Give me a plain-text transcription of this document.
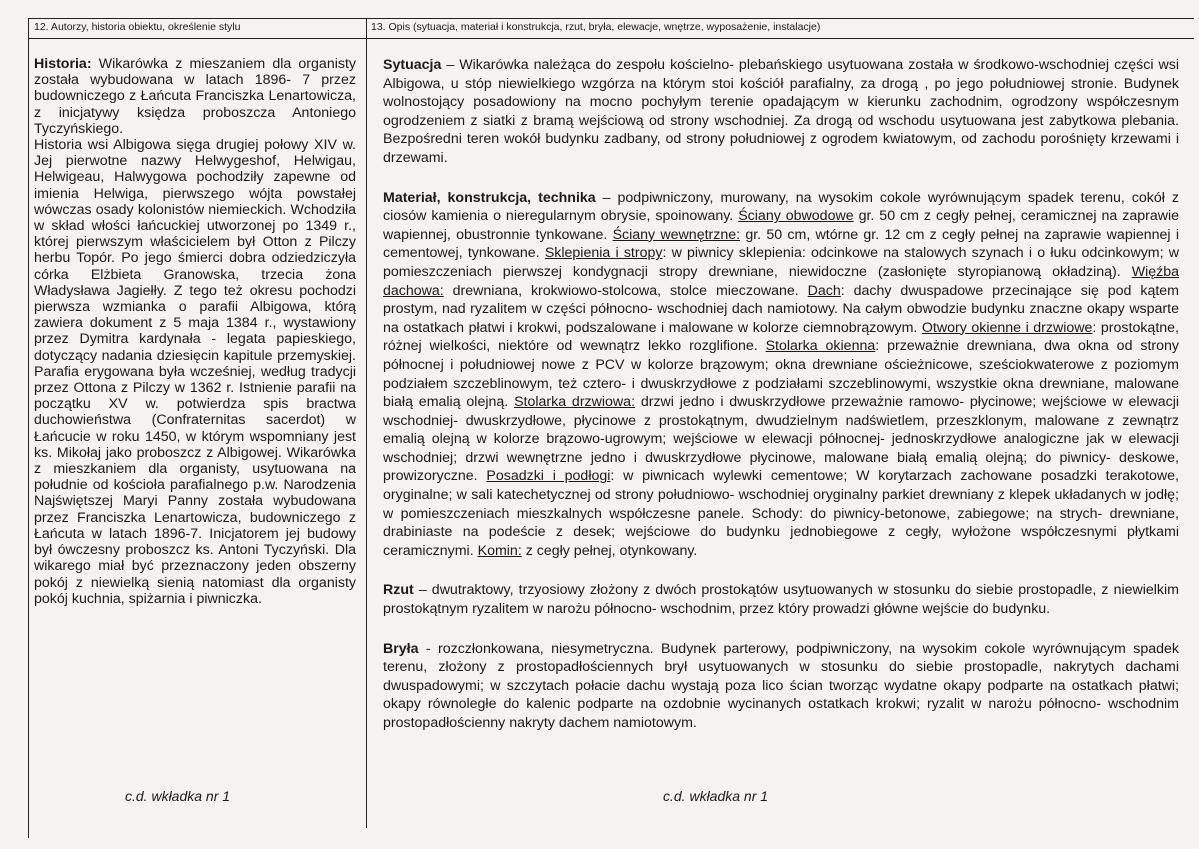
12. Autorzy, historia obiektu, określenie stylu	13. Opis (sytuacja, materiał i konstrukcja, rzut, bryła, elewacje, wnętrze, wyposażenie, instalacje)

Historia: Wikarówka z mieszaniem dla organisty została wybudowana w latach 1896- 7 przez budowniczego z Łańcuta Franciszka Lenartowicza, z inicjatywy księdza proboszcza Antoniego Tyczyńskiego.

Historia wsi Albigowa sięga drugiej połowy XIV w. Jej pierwotne nazwy Helwygeshof, Helwigau, Helwigeau, Halwygowa pochodziły zapewne od imienia Helwiga, pierwszego wójta powstałej wówczas osady kolonistów niemieckich. Wchodziła w skład włości łańcuckiej utworzonej po 1349 r., której pierwszym właścicielem był Otton z Pilczy herbu Topór. Po jego śmierci dobra odziedziczyła córka Elżbieta Granowska, trzecia żona Władysława Jagiełły. Z tego też okresu pochodzi pierwsza wzmianka o parafii Albigowa, którą zawiera dokument z 5 maja 1384 r., wystawiony przez Dymitra kardynała - legata papieskiego, dotyczący nadania dziesięcin kapitule przemyskiej. Parafia erygowana była wcześniej, według tradycji przez Ottona z Pilczy w 1362 r. Istnienie parafii na początku XV w. potwierdza spis bractwa duchowieństwa (Confraternitas sacerdot) w Łańcucie w roku 1450, w którym wspomniany jest ks. Mikołaj jako proboszcz z Albigowej. Wikarówka z mieszkaniem dla organisty, usytuowana na południe od kościoła parafialnego p.w. Narodzenia Najświętszej Maryi Panny została wybudowana przez Franciszka Lenartowicza, budowniczego z Łańcuta w latach 1896-7. Inicjatorem jej budowy był ówczesny proboszcz ks. Antoni Tyczyński. Dla wikarego miał być przeznaczony jeden obszerny pokój z niewielką sienią natomiast dla organisty pokój kuchnia, spiżarnia i piwniczka.

c.d. wkładka nr 1

Sytuacja – Wikarówka należąca do zespołu kościelno- plebańskiego usytuowana została w środkowo-wschodniej części wsi Albigowa, u stóp niewielkiego wzgórza na którym stoi kościół parafialny, za drogą , po jego południowej stronie. Budynek wolnostojący posadowiony na mocno pochyłym terenie opadającym w kierunku zachodnim, ogrodzony współczesnym ogrodzeniem z siatki z bramą wejściową od strony wschodniej. Za drogą od wschodu usytuowana jest zabytkowa plebania. Bezpośredni teren wokół budynku zadbany, od strony południowej z ogrodem kwiatowym, od zachodu porośnięty krzewami i drzewami.

Materiał, konstrukcja, technika – podpiwniczony, murowany, na wysokim cokole wyrównującym spadek terenu, cokół z ciosów kamienia o nieregularnym obrysie, spoinowany. Ściany obwodowe gr. 50 cm z cegły pełnej, ceramicznej na zaprawie wapiennej, obustronnie tynkowane. Ściany wewnętrzne: gr. 50 cm, wtórne gr. 12 cm z cegły pełnej na zaprawie wapiennej i cementowej, tynkowane. Sklepienia i stropy: w piwnicy sklepienia: odcinkowe na stalowych szynach i o łuku odcinkowym; w pomieszczeniach pierwszej kondygnacji stropy drewniane, niewidoczne (zasłonięte styropianową okładziną). Więźba dachowa: drewniana, krokwiowo-stolcowa, stolce mieczowane. Dach: dachy dwuspadowe przecinające się pod kątem prostym, nad ryzalitem w części północno- wschodniej dach namiotowy. Na całym obwodzie budynku znaczne okapy wsparte na ostatkach płatwi i krokwi, podszalowane i malowane w kolorze ciemnobrązowym. Otwory okienne i drzwiowe: prostokątne, różnej wielkości, niektóre od wewnątrz lekko rozglifione. Stolarka okienna: przeważnie drewniana, dwa okna od strony północnej i południowej nowe z PCV w kolorze brązowym; okna drewniane ościeżnicowe, sześciokwaterowe z poziomym podziałem szczeblinowym, też cztero- i dwuskrzydłowe z podziałami szczeblinowymi, wszystkie okna drewniane, malowane białą emalią olejną. Stolarka drzwiowa: drzwi jedno i dwuskrzydłowe przeważnie ramowo- płycinowe; wejściowe w elewacji wschodniej- dwuskrzydłowe, płycinowe z prostokątnym, dwudzielnym nadświetlem, przeszklonym, malowane z zewnątrz emalią olejną w kolorze brązowo-ugrowym; wejściowe w elewacji północnej- jednoskrzydłowe analogiczne jak w elewacji wschodniej; drzwi wewnętrzne jedno i dwuskrzydłowe płycinowe, malowane białą emalią olejną; do piwnicy- deskowe, prowizoryczne. Posadzki i podłogi: w piwnicach wylewki cementowe; W korytarzach zachowane posadzki terakotowe, oryginalne; w sali katechetycznej od strony południowo- wschodniej oryginalny parkiet drewniany z klepek układanych w jodłę; w pomieszczeniach mieszkalnych współczesne panele. Schody: do piwnicy-betonowe, zabiegowe; na strych- drewniane, drabiniaste na podeście z desek; wejściowe do budynku jednobiegowe z cegły, wyłożone współczesnymi płytkami ceramicznymi. Komin: z cegły pełnej, otynkowany.

Rzut – dwutraktowy, trzyosiowy złożony z dwóch prostokątów usytuowanych w stosunku do siebie prostopadle, z niewielkim prostokątnym ryzalitem w narożu północno- wschodnim, przez który prowadzi główne wejście do budynku.

Bryła - rozczłonkowana, niesymetryczna. Budynek parterowy, podpiwniczony, na wysokim cokole wyrównującym spadek terenu, złożony z prostopadłościennych brył usytuowanych w stosunku do siebie prostopadle, nakrytych dachami dwuspadowymi; w szczytach połacie dachu wystają poza lico ścian tworząc wydatne okapy podparte na ostatkach płatwi; okapy równoległe do kalenic podparte na ozdobnie wycinanych ostatkach krokwi; ryzalit w narożu północno- wschodnim prostopadłościenny nakryty dachem namiotowym.

c.d. wkładka nr 1
